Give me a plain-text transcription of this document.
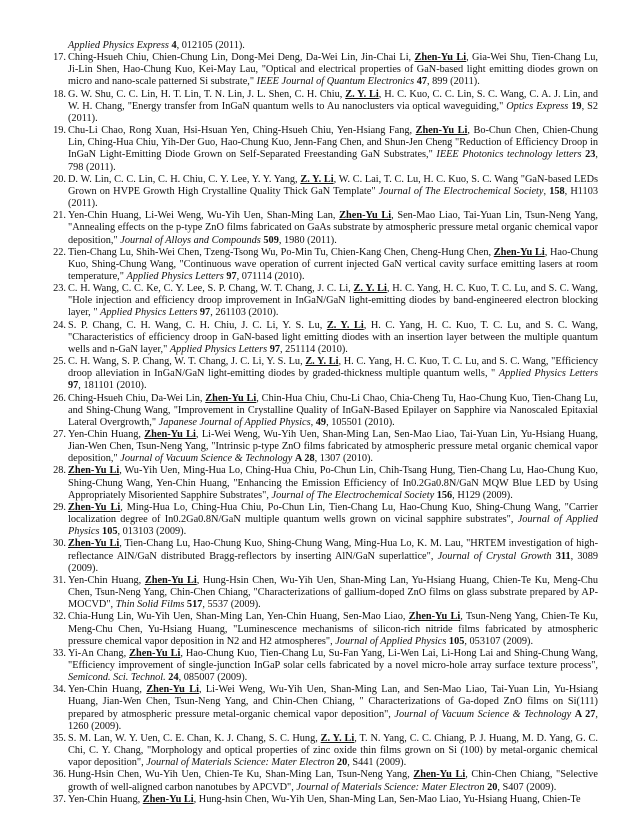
Applied Physics Express 4, 012105 (2011).
17. Ching-Hsueh Chiu, Chien-Chung Lin, Dong-Mei Deng, Da-Wei Lin, Jin-Chai Li, Zhen-Yu Li, Gia-Wei Shu, Tien-Chang Lu, Ji-Lin Shen, Hao-Chung Kuo, Kei-May Lau, "Optical and electrical properties of GaN-based light emitting diodes grown on micro and nano-scale patterned Si substrate," IEEE Journal of Quantum Electronics 47, 899 (2011).
18. G. W. Shu, C. C. Lin, H. T. Lin, T. N. Lin, J. L. Shen, C. H. Chiu, Z. Y. Li, H. C. Kuo, C. C. Lin, S. C. Wang, C. A. J. Lin, and W. H. Chang, "Energy transfer from InGaN quantum wells to Au nanoclusters via optical waveguiding," Optics Express 19, S2 (2011).
19. Chu-Li Chao, Rong Xuan, Hsi-Hsuan Yen, Ching-Hsueh Chiu, Yen-Hsiang Fang, Zhen-Yu Li, Bo-Chun Chen, Chien-Chung Lin, Ching-Hua Chiu, Yih-Der Guo, Hao-Chung Kuo, Jenn-Fang Chen, and Shun-Jen Cheng "Reduction of Efficiency Droop in InGaN Light-Emitting Diode Grown on Self-Separated Freestanding GaN Substrates," IEEE Photonics technology letters 23, 798 (2011).
20. D. W. Lin, C. C. Lin, C. H. Chiu, C. Y. Lee, Y. Y. Yang, Z. Y. Li, W. C. Lai, T. C. Lu, H. C. Kuo, S. C. Wang "GaN-based LEDs Grown on HVPE Growth High Crystalline Quality Thick GaN Template" Journal of The Electrochemical Society, 158, H1103 (2011).
21. Yen-Chin Huang, Li-Wei Weng, Wu-Yih Uen, Shan-Ming Lan, Zhen-Yu Li, Sen-Mao Liao, Tai-Yuan Lin, Tsun-Neng Yang, "Annealing effects on the p-type ZnO films fabricated on GaAs substrate by atmospheric pressure metal organic chemical vapor deposition," Journal of Alloys and Compounds 509, 1980 (2011).
22. Tien-Chang Lu, Shih-Wei Chen, Tzeng-Tsong Wu, Po-Min Tu, Chien-Kang Chen, Cheng-Hung Chen, Zhen-Yu Li, Hao-Chung Kuo, Shing-Chung Wang, "Continuous wave operation of current injected GaN vertical cavity surface emitting lasers at room temperature," Applied Physics Letters 97, 071114 (2010).
23. C. H. Wang, C. C. Ke, C. Y. Lee, S. P. Chang, W. T. Chang, J. C. Li, Z. Y. Li, H. C. Yang, H. C. Kuo, T. C. Lu, and S. C. Wang, "Hole injection and efficiency droop improvement in InGaN/GaN light-emitting diodes by band-engineered electron blocking layer, " Applied Physics Letters 97, 261103 (2010).
24. S. P. Chang, C. H. Wang, C. H. Chiu, J. C. Li, Y. S. Lu, Z. Y. Li, H. C. Yang, H. C. Kuo, T. C. Lu, and S. C. Wang, "Characteristics of efficiency droop in GaN-based light emitting diodes with an insertion layer between the multiple quantum wells and n-GaN layer," Applied Physics Letters 97, 251114 (2010).
25. C. H. Wang, S. P. Chang, W. T. Chang, J. C. Li, Y. S. Lu, Z. Y. Li, H. C. Yang, H. C. Kuo, T. C. Lu, and S. C. Wang, "Efficiency droop alleviation in InGaN/GaN light-emitting diodes by graded-thickness multiple quantum wells, " Applied Physics Letters 97, 181101 (2010).
26. Ching-Hsueh Chiu, Da-Wei Lin, Zhen-Yu Li, Chin-Hua Chiu, Chu-Li Chao, Chia-Cheng Tu, Hao-Chung Kuo, Tien-Chang Lu, and Shing-Chung Wang, "Improvement in Crystalline Quality of InGaN-Based Epilayer on Sapphire via Nanoscaled Epitaxial Lateral Overgrowth," Japanese Journal of Applied Physics, 49, 105501 (2010).
27. Yen-Chin Huang, Zhen-Yu Li, Li-Wei Weng, Wu-Yih Uen, Shan-Ming Lan, Sen-Mao Liao, Tai-Yuan Lin, Yu-Hsiang Huang, Jian-Wen Chen, Tsun-Neng Yang, "Intrinsic p-type ZnO films fabricated by atmospheric pressure metal organic chemical vapor deposition," Journal of Vacuum Science & Technology A 28, 1307 (2010).
28. Zhen-Yu Li, Wu-Yih Uen, Ming-Hua Lo, Ching-Hua Chiu, Po-Chun Lin, Chih-Tsang Hung, Tien-Chang Lu, Hao-Chung Kuo, Shing-Chung Wang, Yen-Chin Huang, "Enhancing the Emission Efficiency of In0.2Ga0.8N/GaN MQW Blue LED by Using Appropriately Misoriented Sapphire Substrates", Journal of The Electrochemical Society 156, H129 (2009).
29. Zhen-Yu Li, Ming-Hua Lo, Ching-Hua Chiu, Po-Chun Lin, Tien-Chang Lu, Hao-Chung Kuo, Shing-Chung Wang, "Carrier localization degree of In0.2Ga0.8N/GaN multiple quantum wells grown on vicinal sapphire substrates", Journal of Applied Physics 105, 013103 (2009).
30. Zhen-Yu Li, Tien-Chang Lu, Hao-Chung Kuo, Shing-Chung Wang, Ming-Hua Lo, K. M. Lau, "HRTEM investigation of high-reflectance AlN/GaN distributed Bragg-reflectors by inserting AlN/GaN superlattice", Journal of Crystal Growth 311, 3089 (2009).
31. Yen-Chin Huang, Zhen-Yu Li, Hung-Hsin Chen, Wu-Yih Uen, Shan-Ming Lan, Yu-Hsiang Huang, Chien-Te Ku, Meng-Chu Chen, Tsun-Neng Yang, Chin-Chen Chiang, "Characterizations of gallium-doped ZnO films on glass substrate prepared by AP-MOCVD", Thin Solid Films 517, 5537 (2009).
32. Chia-Hung Lin, Wu-Yih Uen, Shan-Ming Lan, Yen-Chin Huang, Sen-Mao Liao, Zhen-Yu Li, Tsun-Neng Yang, Chien-Te Ku, Meng-Chu Chen, Yu-Hsiang Huang, "Luminescence mechanisms of silicon-rich nitride films fabricated by atmospheric pressure chemical vapor deposition in N2 and H2 atmospheres", Journal of Applied Physics 105, 053107 (2009).
33. Yi-An Chang, Zhen-Yu Li, Hao-Chung Kuo, Tien-Chang Lu, Su-Fan Yang, Li-Wen Lai, Li-Hong Lai and Shing-Chung Wang, "Efficiency improvement of single-junction InGaP solar cells fabricated by a novel micro-hole array surface texture process", Semicond. Sci. Technol. 24, 085007 (2009).
34. Yen-Chin Huang, Zhen-Yu Li, Li-Wei Weng, Wu-Yih Uen, Shan-Ming Lan, and Sen-Mao Liao, Tai-Yuan Lin, Yu-Hsiang Huang, Jian-Wen Chen, Tsun-Neng Yang, and Chin-Chen Chiang, " Characterizations of Ga-doped ZnO films on Si(111) prepared by atmospheric pressure metal-organic chemical vapor deposition", Journal of Vacuum Science & Technology A 27, 1260 (2009).
35. S. M. Lan, W. Y. Uen, C. E. Chan, K. J. Chang, S. C. Hung, Z. Y. Li, T. N. Yang, C. C. Chiang, P. J. Huang, M. D. Yang, G. C. Chi, C. Y. Chang, "Morphology and optical properties of zinc oxide thin films grown on Si (100) by metal-organic chemical vapor deposition", Journal of Materials Science: Mater Electron 20, S441 (2009).
36. Hung-Hsin Chen, Wu-Yih Uen, Chien-Te Ku, Shan-Ming Lan, Tsun-Neng Yang, Zhen-Yu Li, Chin-Chen Chiang, "Selective growth of well-aligned carbon nanotubes by APCVD", Journal of Materials Science: Mater Electron 20, S407 (2009).
37. Yen-Chin Huang, Zhen-Yu Li, Hung-hsin Chen, Wu-Yih Uen, Shan-Ming Lan, Sen-Mao Liao, Yu-Hsiang Huang, Chien-Te
